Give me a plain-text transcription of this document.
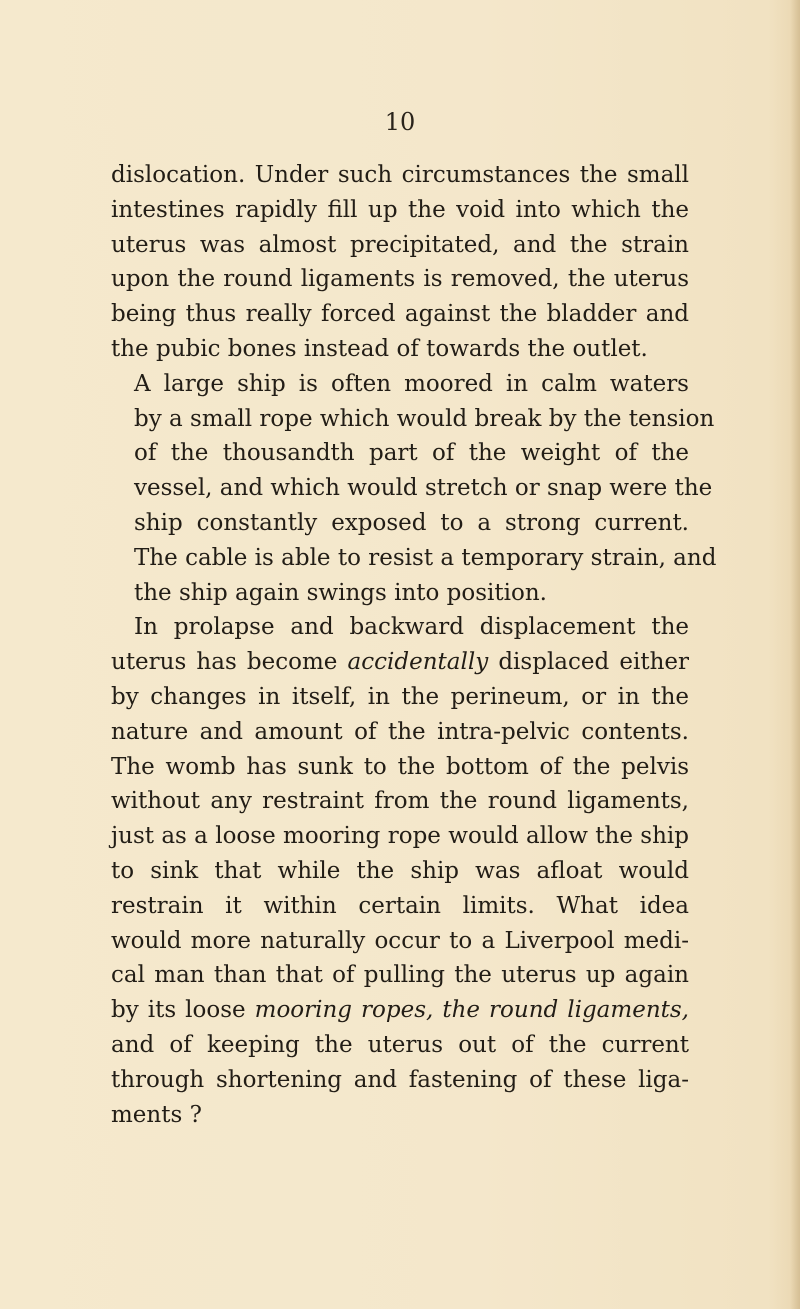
10

dislocation. Under such circumstances the small
intestines rapidly fill up the void into which the
uterus was almost precipitated, and the strain
upon the round ligaments is removed, the uterus
being thus really forced against the bladder and
the pubic bones instead of towards the outlet.

A large ship is often moored in calm waters
by a small rope which would break by the tension
of the thousandth part of the weight of the
vessel, and which would stretch or snap were the
ship constantly exposed to a strong current.
The cable is able to resist a temporary strain, and
the ship again swings into position.

In prolapse and backward displacement the
uterus has become accidentally displaced either
by changes in itself, in the perineum, or in the
nature and amount of the intra-pelvic contents.
The womb has sunk to the bottom of the pelvis
without any restraint from the round ligaments,
just as a loose mooring rope would allow the ship
to sink that while the ship was afloat would
restrain it within certain limits. What idea
would more naturally occur to a Liverpool medi-
cal man than that of pulling the uterus up again
by its loose mooring ropes, the round ligaments,
and of keeping the uterus out of the current
through shortening and fastening of these liga-
ments ?
